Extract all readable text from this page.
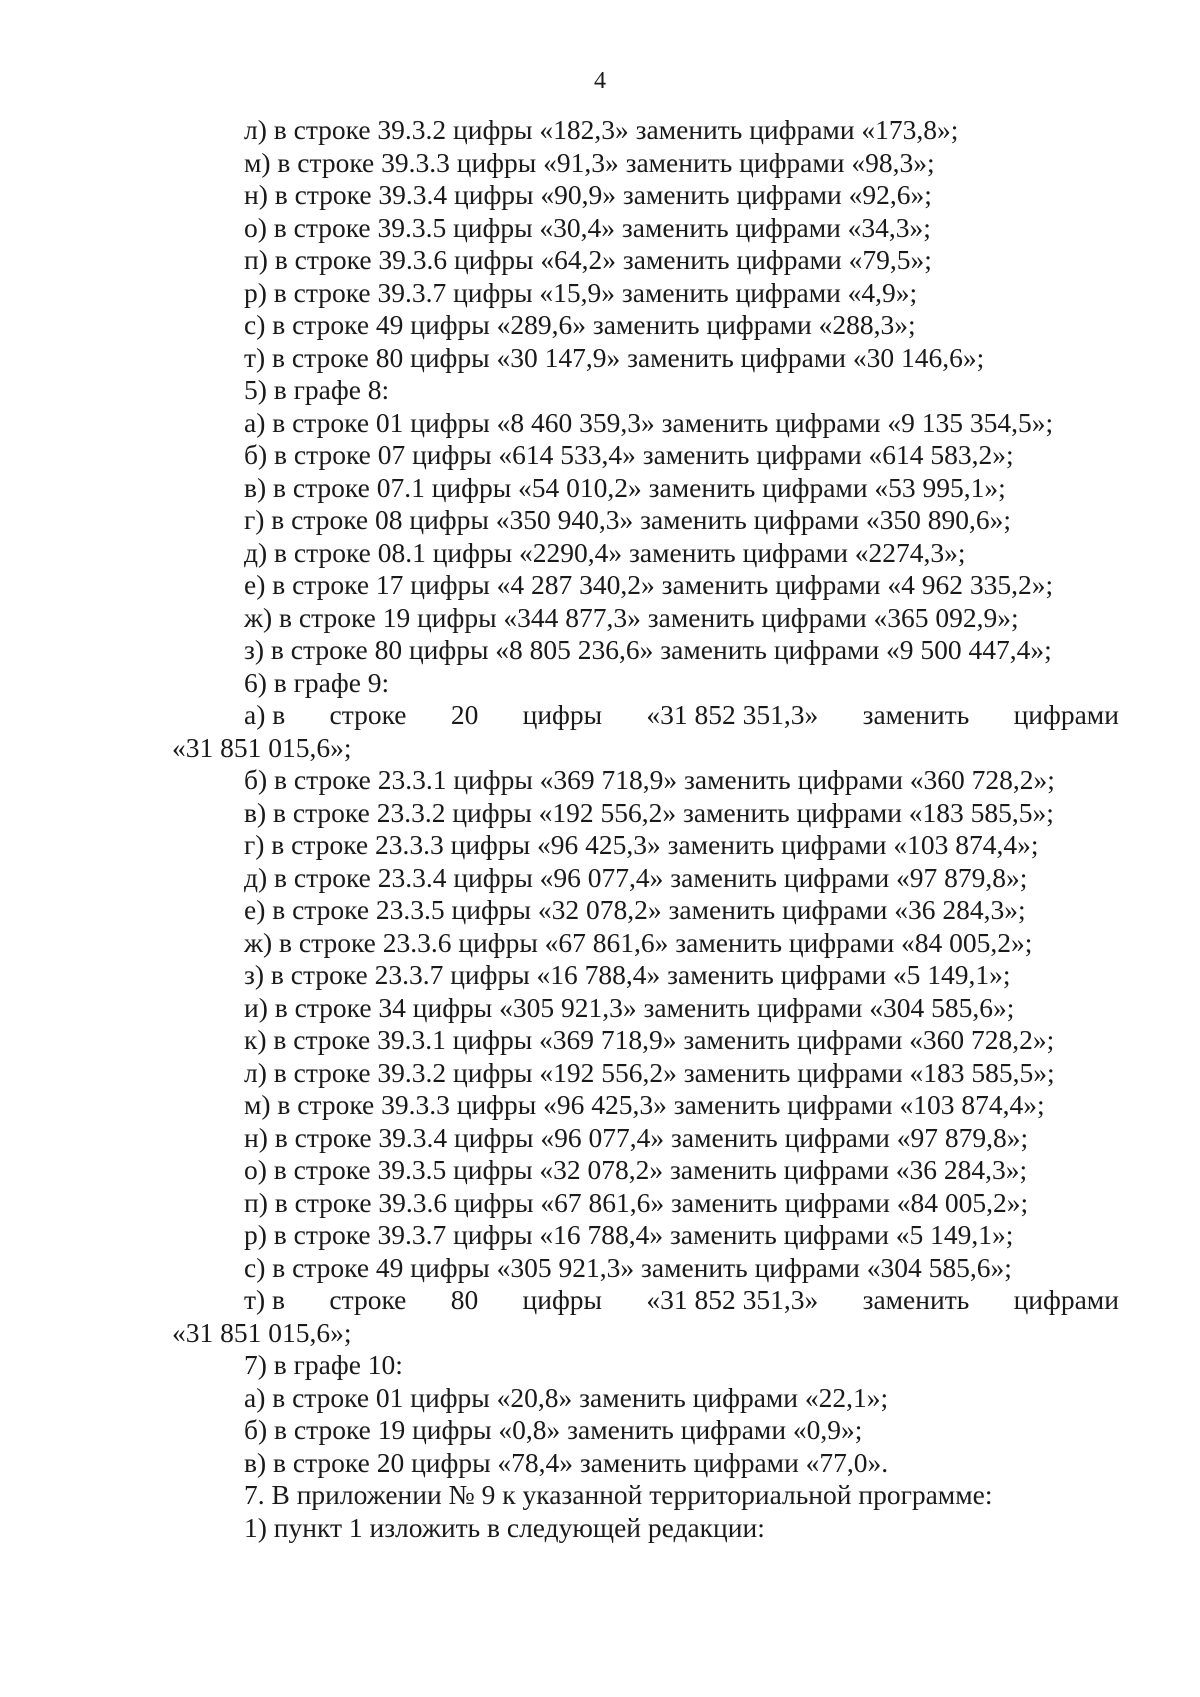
4
л) в строке 39.3.2 цифры «182,3» заменить цифрами «173,8»;
м) в строке 39.3.3 цифры «91,3» заменить цифрами «98,3»;
н) в строке 39.3.4 цифры «90,9» заменить цифрами «92,6»;
о) в строке 39.3.5 цифры «30,4» заменить цифрами «34,3»;
п) в строке 39.3.6 цифры «64,2» заменить цифрами «79,5»;
р) в строке 39.3.7 цифры «15,9» заменить цифрами «4,9»;
с) в строке 49 цифры «289,6» заменить цифрами «288,3»;
т) в строке 80 цифры «30 147,9» заменить цифрами «30 146,6»;
5) в графе 8:
а) в строке 01 цифры «8 460 359,3» заменить цифрами «9 135 354,5»;
б) в строке 07 цифры «614 533,4» заменить цифрами «614 583,2»;
в) в строке 07.1 цифры «54 010,2» заменить цифрами «53 995,1»;
г) в строке 08 цифры «350 940,3» заменить цифрами «350 890,6»;
д) в строке 08.1 цифры «2290,4» заменить цифрами «2274,3»;
е) в строке 17 цифры «4 287 340,2» заменить цифрами «4 962 335,2»;
ж) в строке 19 цифры «344 877,3» заменить цифрами «365 092,9»;
з) в строке 80 цифры «8 805 236,6» заменить цифрами «9 500 447,4»;
6) в графе 9:
а) в строке 20 цифры «31 852 351,3» заменить цифрами
«31 851 015,6»;
б) в строке 23.3.1 цифры «369 718,9» заменить цифрами «360 728,2»;
в) в строке 23.3.2 цифры «192 556,2» заменить цифрами «183 585,5»;
г) в строке 23.3.3 цифры «96 425,3» заменить цифрами «103 874,4»;
д) в строке 23.3.4 цифры «96 077,4» заменить цифрами «97 879,8»;
е) в строке 23.3.5 цифры «32 078,2» заменить цифрами «36 284,3»;
ж) в строке 23.3.6 цифры «67 861,6» заменить цифрами «84 005,2»;
з) в строке 23.3.7 цифры «16 788,4» заменить цифрами «5 149,1»;
и) в строке 34 цифры «305 921,3» заменить цифрами «304 585,6»;
к) в строке 39.3.1 цифры «369 718,9» заменить цифрами «360 728,2»;
л) в строке 39.3.2 цифры «192 556,2» заменить цифрами «183 585,5»;
м) в строке 39.3.3 цифры «96 425,3» заменить цифрами «103 874,4»;
н) в строке 39.3.4 цифры «96 077,4» заменить цифрами «97 879,8»;
о) в строке 39.3.5 цифры «32 078,2» заменить цифрами «36 284,3»;
п) в строке 39.3.6 цифры «67 861,6» заменить цифрами «84 005,2»;
р) в строке 39.3.7 цифры «16 788,4» заменить цифрами «5 149,1»;
с) в строке 49 цифры «305 921,3» заменить цифрами «304 585,6»;
т) в строке 80 цифры «31 852 351,3» заменить цифрами
«31 851 015,6»;
7) в графе 10:
а) в строке 01 цифры «20,8» заменить цифрами «22,1»;
б) в строке 19 цифры «0,8» заменить цифрами «0,9»;
в) в строке 20 цифры «78,4» заменить цифрами «77,0».
7. В приложении № 9 к указанной территориальной программе:
1) пункт 1 изложить в следующей редакции:
